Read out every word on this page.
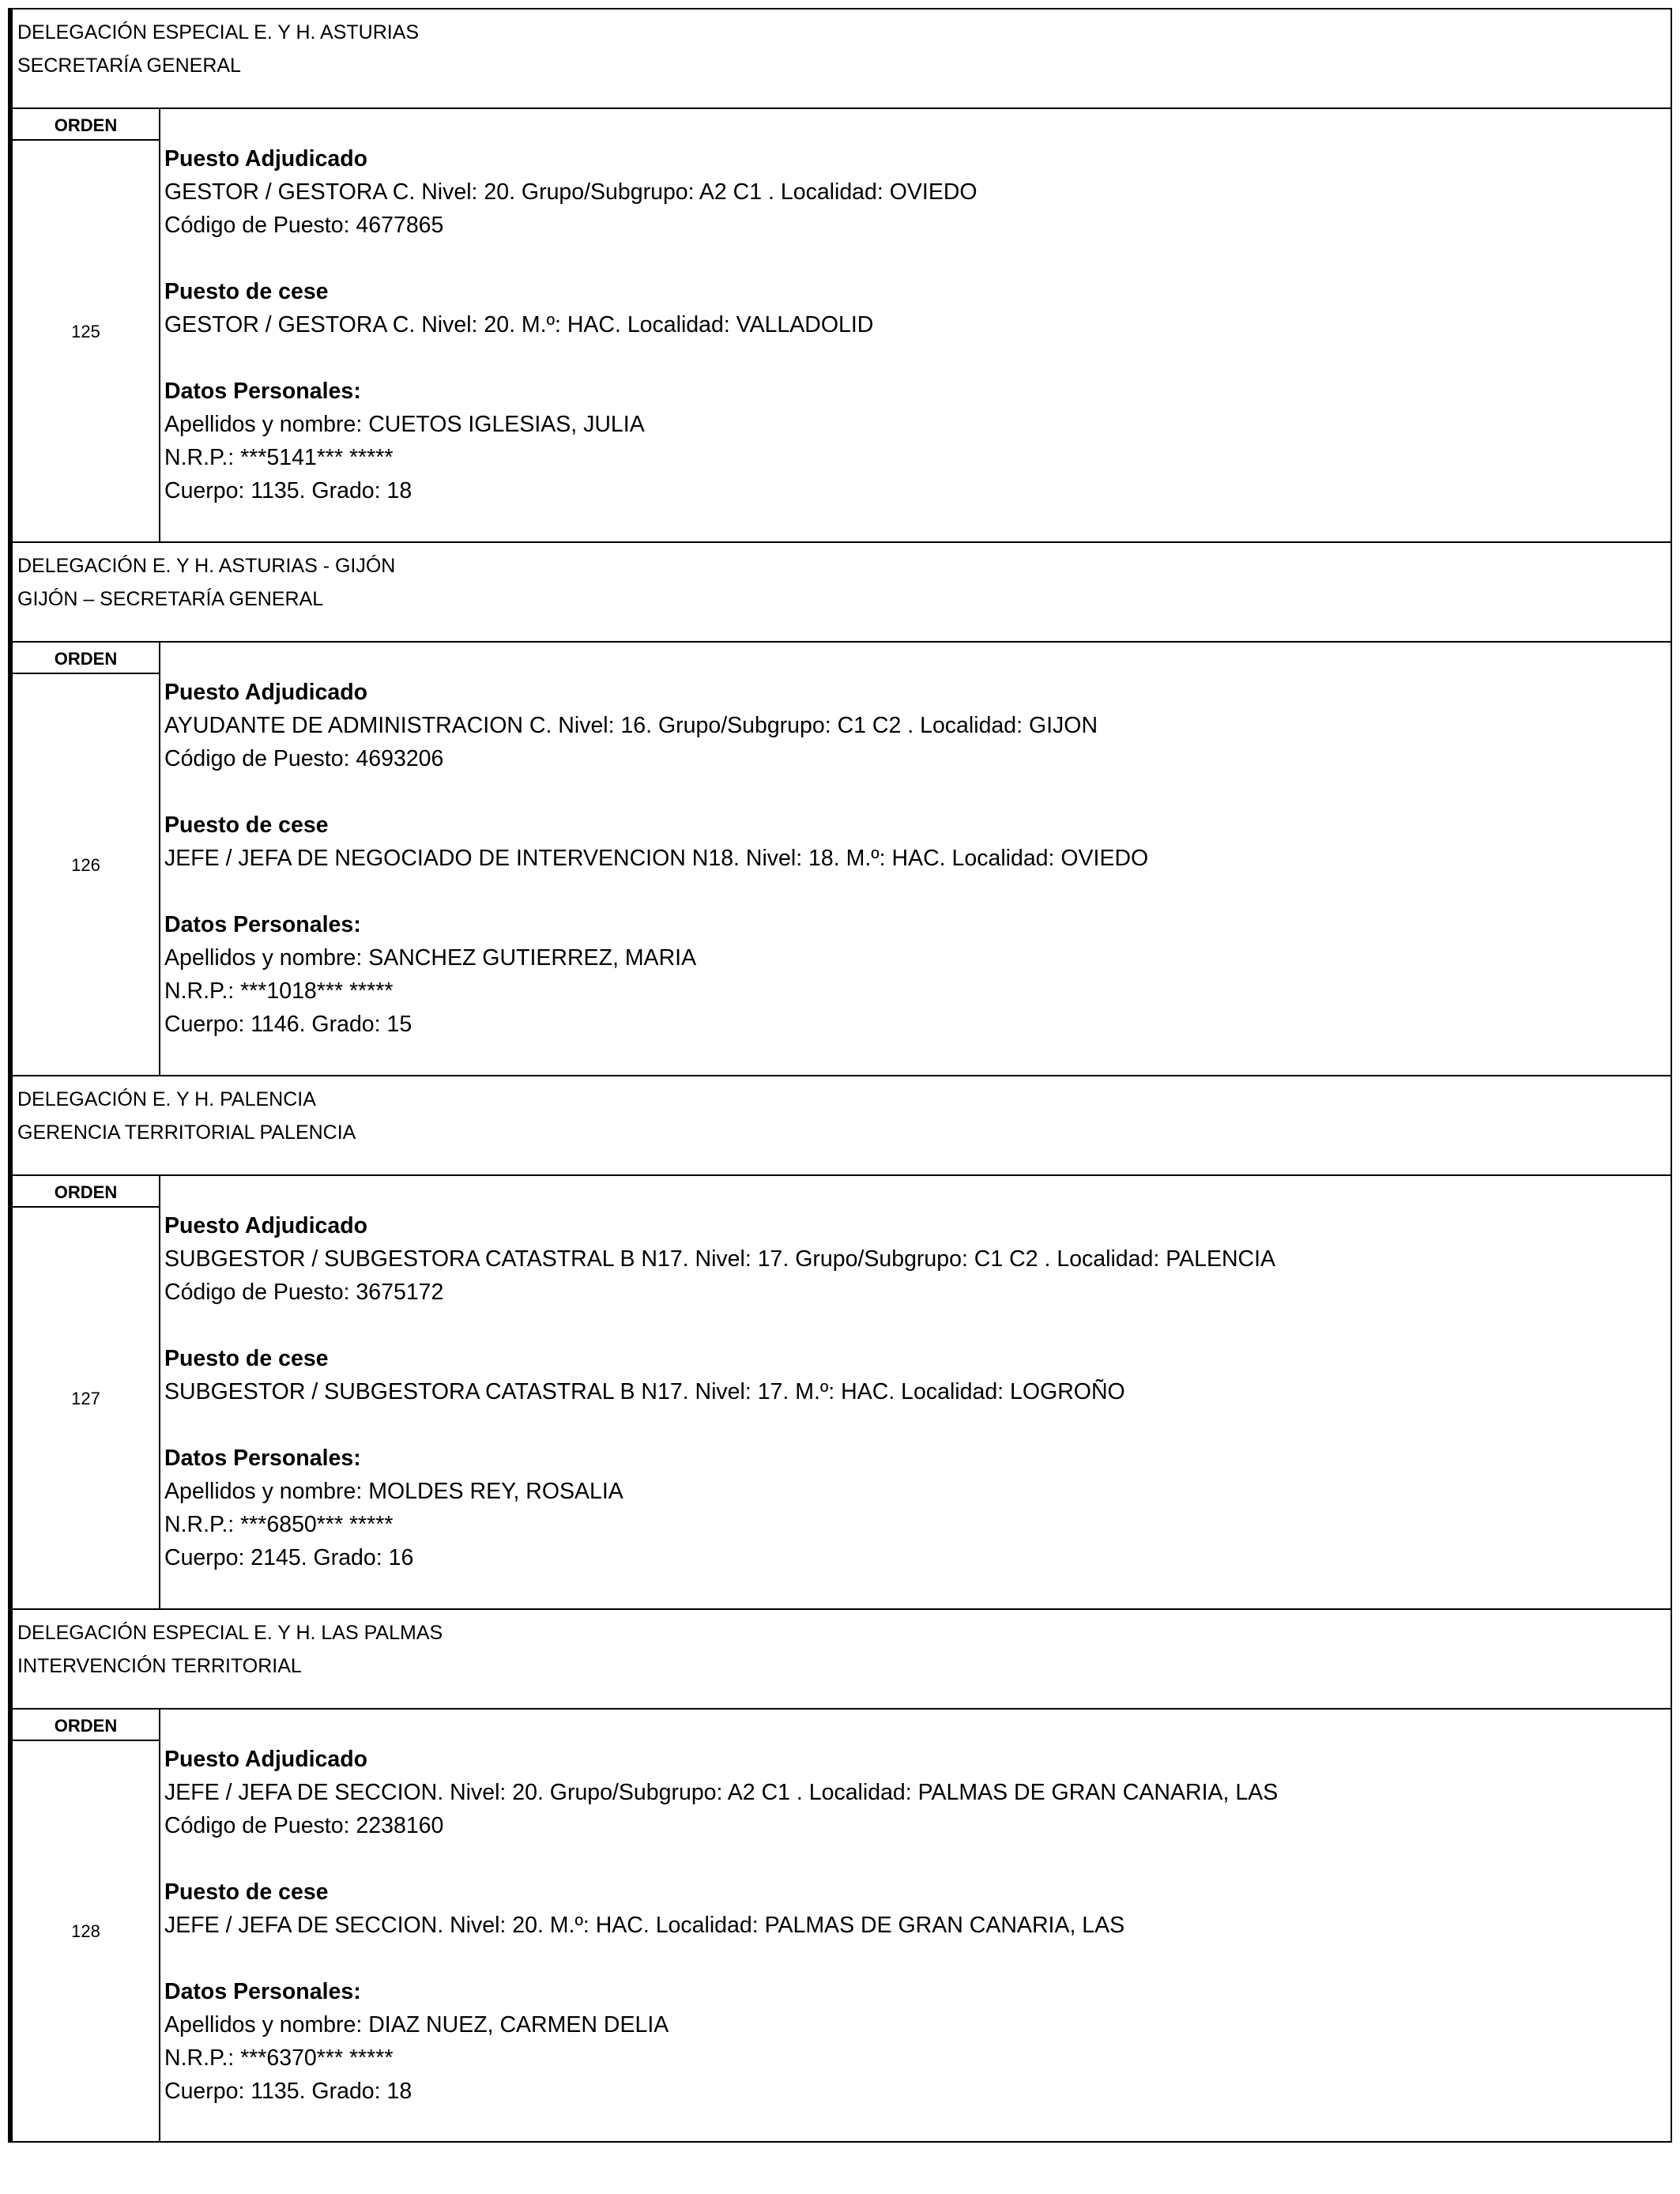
DELEGACIÓN ESPECIAL E. Y H. ASTURIAS
SECRETARÍA GENERAL
ORDEN
125
Puesto Adjudicado
GESTOR / GESTORA C. Nivel: 20. Grupo/Subgrupo: A2 C1 . Localidad: OVIEDO
Código de Puesto: 4677865
Puesto de cese
GESTOR / GESTORA C. Nivel: 20. M.º: HAC. Localidad: VALLADOLID
Datos Personales:
Apellidos y nombre: CUETOS IGLESIAS, JULIA
N.R.P.: ***5141*** *****
Cuerpo: 1135. Grado: 18
DELEGACIÓN E. Y H. ASTURIAS - GIJÓN
GIJÓN – SECRETARÍA GENERAL
ORDEN
126
Puesto Adjudicado
AYUDANTE DE ADMINISTRACION C. Nivel: 16. Grupo/Subgrupo: C1 C2 . Localidad: GIJON
Código de Puesto: 4693206
Puesto de cese
JEFE / JEFA DE NEGOCIADO DE INTERVENCION N18. Nivel: 18. M.º: HAC. Localidad: OVIEDO
Datos Personales:
Apellidos y nombre: SANCHEZ GUTIERREZ, MARIA
N.R.P.: ***1018*** *****
Cuerpo: 1146. Grado: 15
DELEGACIÓN E. Y H. PALENCIA
GERENCIA TERRITORIAL PALENCIA
ORDEN
127
Puesto Adjudicado
SUBGESTOR / SUBGESTORA CATASTRAL B N17. Nivel: 17. Grupo/Subgrupo: C1 C2 . Localidad: PALENCIA
Código de Puesto: 3675172
Puesto de cese
SUBGESTOR / SUBGESTORA CATASTRAL B N17. Nivel: 17. M.º: HAC. Localidad: LOGROÑO
Datos Personales:
Apellidos y nombre: MOLDES REY, ROSALIA
N.R.P.: ***6850*** *****
Cuerpo: 2145. Grado: 16
DELEGACIÓN ESPECIAL E. Y H. LAS PALMAS
INTERVENCIÓN TERRITORIAL
ORDEN
128
Puesto Adjudicado
JEFE / JEFA DE SECCION. Nivel: 20. Grupo/Subgrupo: A2 C1 . Localidad: PALMAS DE GRAN CANARIA, LAS
Código de Puesto: 2238160
Puesto de cese
JEFE / JEFA DE SECCION. Nivel: 20. M.º: HAC. Localidad: PALMAS DE GRAN CANARIA, LAS
Datos Personales:
Apellidos y nombre: DIAZ NUEZ, CARMEN DELIA
N.R.P.: ***6370*** *****
Cuerpo: 1135. Grado: 18
